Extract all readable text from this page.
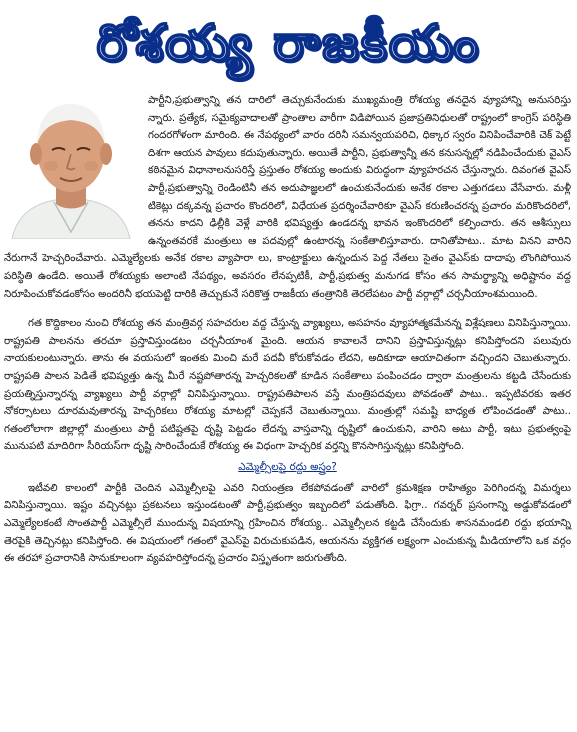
రోశయ్య రాజకీయం

పార్టీని,ప్రభుత్వాన్ని తన దారిలో తెచ్చుకునేందుకు ముఖ్యమంత్రి రోశయ్య తనదైన వ్యూహాన్ని అనుసరిస్తు న్నారు. ప్రత్యేక, సమైక్యవాదాలతో ప్రాంతాల వారీగా విడిపోయిన ప్రజాప్రతినిధులతో రాష్ట్రంలో కాంగ్రెస్ పరిస్థితి గందరగోళంగా మారింది. ఈ నేపథ్యంలో వారం దరినీ సమన్వయపరిచి, ధిక్కార స్వరం వినిపించేవారికి చెక్ పెట్టే దిశగా ఆయన పావులు కదుపుతున్నారు. అయితే పార్టీని, ప్రభుత్వాన్నీ తన కనుసన్నల్లో నడిపించేందుకు వైఎస్ కఠినమైన విధానాలనుసరిస్తే ప్రస్తుతం రోశయ్య అందుకు విరుద్ధంగా వ్యూహరచన చేస్తున్నారు. దివంగత వైఎస్ పార్టీ,ప్రభుత్వాన్ని రెండింటినీ తన అదుపాజ్ఞలలో ఉంచుకునేందుకు అనేక రకాల ఎత్తుగడలు వేసేవారు. మళ్లీ టికెట్లు దక్కవన్న ప్రచారం కొందరిలో, విధేయత ప్రదర్శించేవారికూ వైఎస్ కరుణించరన్న ప్రచారం మరికొందరిలో, తనను కాదని ఢిల్లీకి వెళ్లే వారికి భవిష్యత్తు ఉండదన్న భావన ఇంకొందరిలో కల్పించారు. తన ఆశీస్సులు ఉన్నంతవరకే మంత్రులు ఆ పదవుల్లో ఉంటారన్న సంకేతాలిస్తూవారు. దానితోపాటు.. మాట వినని వారిని నేరుగానే హెచ్చరించేవారు. ఎమ్మెల్యేలకు అనేక రకాల వ్యాపారా లు, కాంట్రాక్టులు ఉన్నందున పెద్ద నేతలు సైతం వైఎస్‌కు దాదాపు లొంగిపోయిన పరిస్థితి ఉండేది. అయితే రోశయ్యకు అలాంటి నేపథ్యం, అవసరం లేనప్పటికీ, పార్టీ,ప్రభుత్వ మనుగడ కోసం తన సామర్థ్యాన్ని అధిష్టానం వద్ద నిరూపించుకోవడంకోసం అందరినీ భయపెట్టి దారికి తెచ్చుకునే సరికొత్త రాజకీయ తంత్రానికి తెరలేపటం పార్టీ వర్గాల్లో చర్చనీయాంశమయింది.

గత కొద్దికాలం నుంచి రోశయ్య తన మంత్రివర్గ సహచరుల వద్ద చేస్తున్న వ్యాఖ్యలు, అసహనం వ్యూహాత్మకమేనన్న విశ్లేషణలు వినిపిస్తున్నాయి. రాష్ట్రపతి పాలనను తరచూ ప్రస్తావిస్తుండటం చర్చనీయాంశ మైంది. ఆయన కావాలనే దానిని ప్రస్తావిస్తున్నట్లు కనిపిస్తోందని పలువురు నాయకులంటున్నారు. తాను ఈ వయసులో ఇంతకు మించి మరే పదవీ కోరుకోవడం లేదని, అదికూడా ఆయాచితంగా వచ్చిందని చెబుతున్నారు. రాష్ట్రపతి పాలన పెడితే భవిష్యత్తు ఉన్న మీరే నష్టపోతారన్న హెచ్చరికలతో కూడిన సంకేతాలు పంపించడం ద్వారా మంత్రులను కట్టడి చేసేందుకు ప్రయత్నిస్తున్నారన్న వ్యాఖ్యలు పార్టీ వర్గాల్లో వినిపిస్తున్నాయి. రాష్ట్రపతిపాలన వస్తే మంత్రిపదవులు పోవడంతో పాటు.. ఇప్పటివరకు ఇతర నోకర్సాటలు దూరమవుతారన్న హెచ్చరికలు రోశయ్య మాటల్లో చెప్పకనే చెబుతున్నాయి. మంత్రుల్లో సమష్టి బాధ్యత లోపించడంతో పాటు.. గతంలోలాగా జిల్లాల్లో మంత్రులు పార్టీ పటిష్టతపై దృష్టి పెట్టడం లేదన్న వాస్తవాన్ని దృష్టిలో ఉంచుకుని, వారిని అటు పార్టీ, ఇటు ప్రభుత్వంపై మునుపటి మాదిరిగా సీరియస్‌గా దృష్టి సారించేందుకే రోశయ్య ఈ విధంగా హెచ్చరిక వర్తన్ని కొనసాగిస్తున్నట్లు కనిపిస్తోంది.

ఎమ్మెల్సీలపై రద్దు అస్త్రం?

ఇటీవలి కాలంలో పార్టీకి చెందిన ఎమ్మెల్సీలపై ఎవరి నియంత్రణ లేకపోవడంతో వారిలో క్రమశిక్షణ రాహిత్యం పెరిగిందన్న విమర్శలు వినిపిస్తున్నాయి. ఇష్టం వచ్చినట్లు ప్రకటనలు ఇస్తుండటంతో పార్టీ,ప్రభుత్వం ఇబ్బందిలో పడుతోంది. ఫిగ్రా.. గవర్నర్ ప్రసంగాన్ని అడ్డుకోవడంలో ఎమ్మెల్యేలకంటే సొంతపార్టీ ఎమ్మెల్సీలే ముందున్న విషయాన్ని గ్రహించిన రోశయ్య.. ఎమ్మెల్సీలన కట్టడి చేసేందుకు శాసనమండలి రద్దు భయాన్ని తెరపైకి తెచ్చినట్లు కనిపిస్తోంది. ఈ విషయంలో గతంలో వైఎస్‌పై విరుచుకుపడిన, ఆయనను వ్యక్తిగత లక్ష్యంగా ఎంచుకున్న మీడియాలోని ఒక వర్గం ఈ తరహా ప్రచారానికి సానుకూలంగా వ్యవహరిస్తోందన్న ప్రచారం విస్తృతంగా జరుగుతోంది.
